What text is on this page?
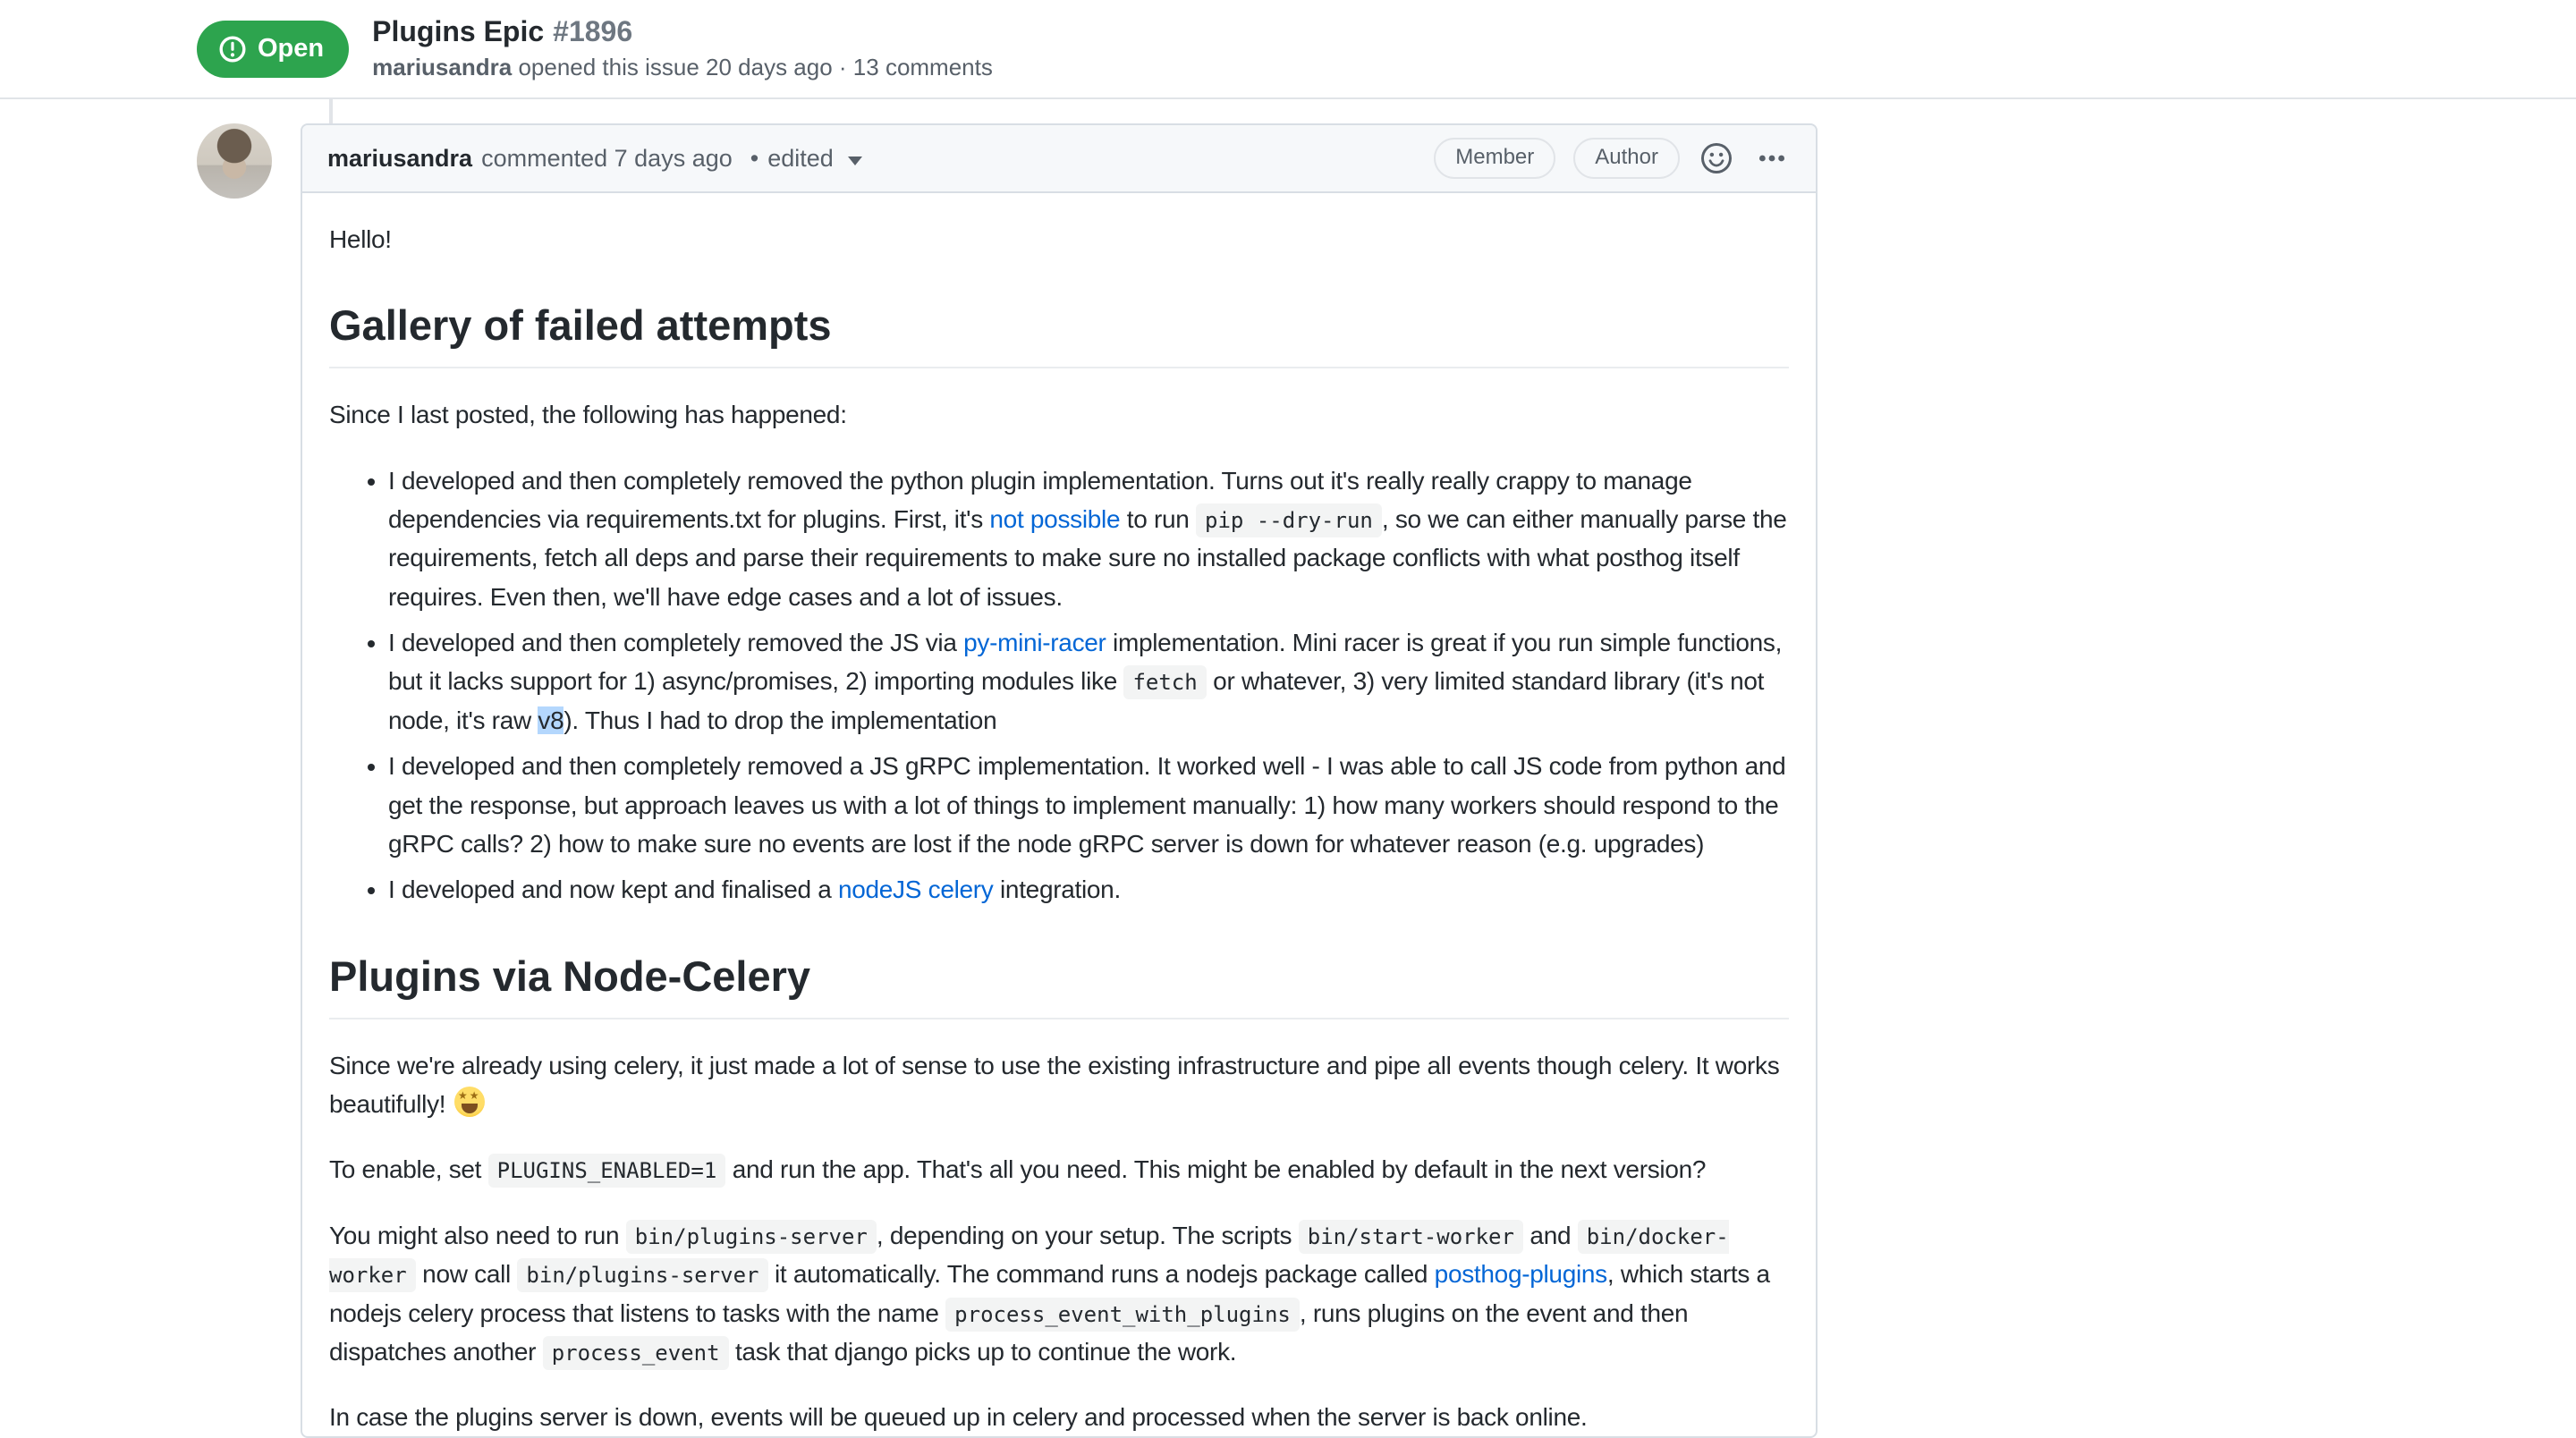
Open
Plugins Epic #1896
mariusandra opened this issue 20 days ago · 13 comments
mariusandra commented 7 days ago • edited	Member	Author

Hello!

Gallery of failed attempts

Since I last posted, the following has happened:

• I developed and then completely removed the python plugin implementation. Turns out it's really really crappy to manage dependencies via requirements.txt for plugins. First, it's not possible to run pip --dry-run , so we can either manually parse the requirements, fetch all deps and parse their requirements to make sure no installed package conflicts with what posthog itself requires. Even then, we'll have edge cases and a lot of issues.
• I developed and then completely removed the JS via py-mini-racer implementation. Mini racer is great if you run simple functions, but it lacks support for 1) async/promises, 2) importing modules like fetch or whatever, 3) very limited standard library (it's not node, it's raw v8). Thus I had to drop the implementation
• I developed and then completely removed a JS gRPC implementation. It worked well - I was able to call JS code from python and get the response, but approach leaves us with a lot of things to implement manually: 1) how many workers should respond to the gRPC calls? 2) how to make sure no events are lost if the node gRPC server is down for whatever reason (e.g. upgrades)
• I developed and now kept and finalised a nodeJS celery integration.
Plugins via Node-Celery

Since we're already using celery, it just made a lot of sense to use the existing infrastructure and pipe all events though celery. It works beautifully! ★★

To enable, set PLUGINS_ENABLED=1 and run the app. That's all you need. This might be enabled by default in the next version?

You might also need to run bin/plugins-server , depending on your setup. The scripts bin/start-worker and bin/docker-worker now call bin/plugins-server it automatically. The command runs a nodejs package called posthog-plugins, which starts a nodejs celery process that listens to tasks with the name process_event_with_plugins , runs plugins on the event and then dispatches another process_event task that django picks up to continue the work.

In case the plugins server is down, events will be queued up in celery and processed when the server is back online.
